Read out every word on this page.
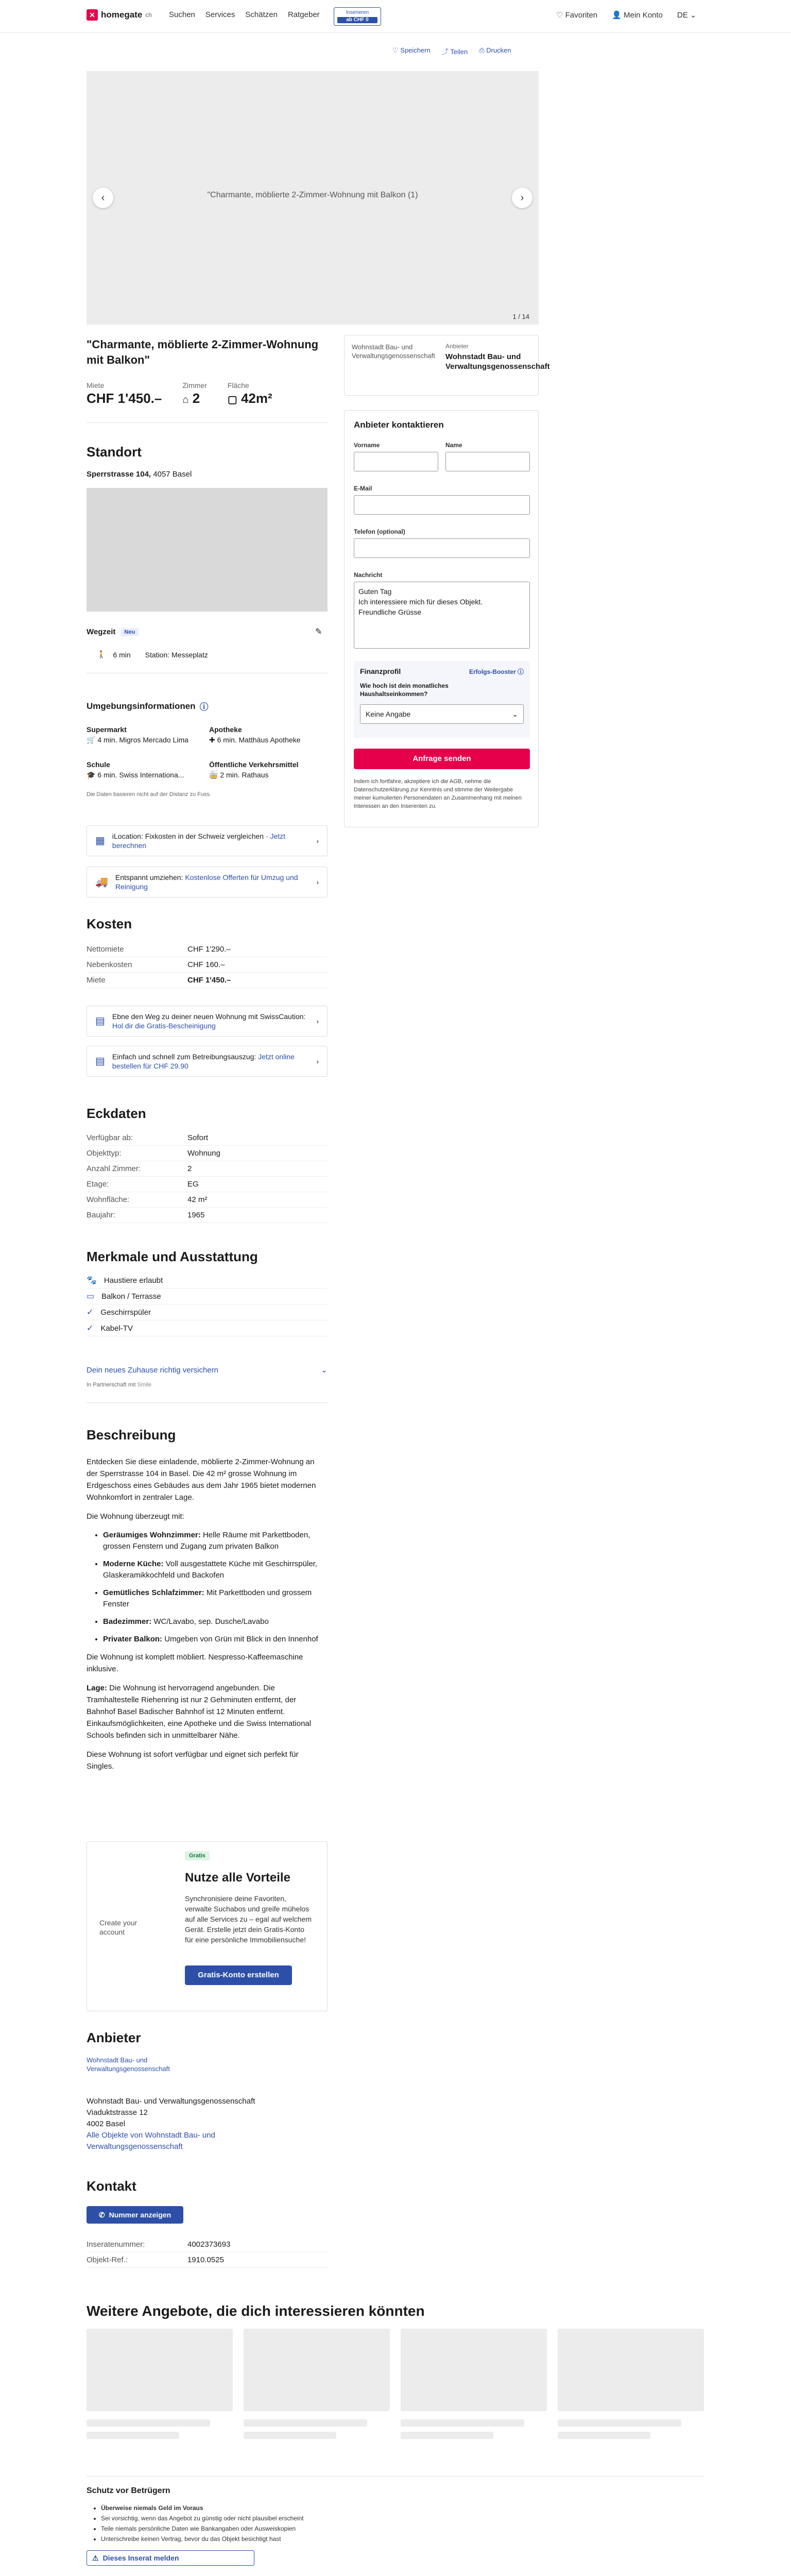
✕ homegate ch Suchen Services Schätzen Ratgeber	Inserieren
ab CHF 0
♡ Favoriten 👤 Mein Konto DE ⌄
♡ Speichern ⤴ Teilen ⎙ Drucken
‹	›
"Charmante, möblierte 2-Zimmer-Wohnung mit Balkon (1)
1 / 14
"Charmante, möblierte 2-Zimmer-Wohnung mit Balkon"
Miete
CHF 1'450.–
Zimmer
⌂ 2
Fläche
▢ 42m²
Wohnstadt Bau- und Verwaltungsgenossenschaft
Anbieter
Wohnstadt Bau- und Verwaltungsgenossenschaft
Anbieter kontaktieren
Vorname	Name
E-Mail
Telefon (optional)
Nachricht
Guten Tag
Ich interessiere mich für dieses Objekt.
Freundliche Grüsse
Finanzprofil	Erfolgs-Booster ⓘ
Wie hoch ist dein monatliches Haushaltseinkommen?
Keine Angabe	⌄
Anfrage senden
Indem ich fortfahre, akzeptiere ich die AGB, nehme die Datenschutzerklärung zur Kenntnis und stimme der Weitergabe meiner kumulierten Personendaten an Zusammenhang mit meinen Interessen an den Inserenten zu.
Standort
Sperrstrasse 104, 4057 Basel
Wegzeit	Neu	✎
🚶 6 min Station: Messeplatz
Umgebungsinformationen ⓘ
Supermarkt
🛒 4 min. Migros Mercado Lima
Apotheke
✚ 6 min. Matthäus Apotheke
Schule
🎓 6 min. Swiss Internationa...
Öffentliche Verkehrsmittel
🚋 2 min. Rathaus
Die Daten basieren nicht auf der Distanz zu Fuss.
▦ iLocation: Fixkosten in der Schweiz vergleichen · Jetzt berechnen
›
🚚 Entspannt umziehen: Kostenlose Offerten für Umzug und Reinigung
›
Kosten
Nettomiete	CHF 1'290.–
Nebenkosten	CHF 160.–
Miete	CHF 1'450.–
▤ Ebne den Weg zu deiner neuen Wohnung mit SwissCaution: Hol dir die Gratis-Bescheinigung
›
▤ Einfach und schnell zum Betreibungsauszug: Jetzt online bestellen für CHF 29.90
›
Eckdaten
Verfügbar ab:	Sofort
Objekttyp:	Wohnung
Anzahl Zimmer:	2
Etage:	EG
Wohnfläche:	42 m²
Baujahr:	1965
Merkmale und Ausstattung
🐾 Haustiere erlaubt
▭ Balkon / Terrasse
✓ Geschirrspüler
✓ Kabel-TV
Dein neues Zuhause richtig versichern	⌄
In Partnerschaft mit Smile
Beschreibung

Entdecken Sie diese einladende, möblierte 2-Zimmer-Wohnung an der Sperrstrasse 104 in Basel. Die 42 m² grosse Wohnung im Erdgeschoss eines Gebäudes aus dem Jahr 1965 bietet modernen Wohnkomfort in zentraler Lage.

Die Wohnung überzeugt mit:

• Geräumiges Wohnzimmer: Helle Räume mit Parkettboden, grossen Fenstern und Zugang zum privaten Balkon
• Moderne Küche: Voll ausgestattete Küche mit Geschirrspüler, Glaskeramikkochfeld und Backofen
• Gemütliches Schlafzimmer: Mit Parkettboden und grossem Fenster
• Badezimmer: WC/Lavabo, sep. Dusche/Lavabo
• Privater Balkon: Umgeben von Grün mit Blick in den Innenhof

Die Wohnung ist komplett möbliert. Nespresso-Kaffeemaschine inklusive.

Lage: Die Wohnung ist hervorragend angebunden. Die Tramhaltestelle Riehenring ist nur 2 Gehminuten entfernt, der Bahnhof Basel Badischer Bahnhof ist 12 Minuten entfernt. Einkaufsmöglichkeiten, eine Apotheke und die Swiss International Schools befinden sich in unmittelbarer Nähe.

Diese Wohnung ist sofort verfügbar und eignet sich perfekt für Singles.

Create your account
Gratis
Nutze alle Vorteile
Synchronisiere deine Favoriten, verwalte Suchabos und greife mühelos auf alle Services zu – egal auf welchem Gerät. Erstelle jetzt dein Gratis-Konto für eine persönliche Immobiliensuche!
Gratis-Konto erstellen
Anbieter
Wohnstadt Bau- und Verwaltungsgenossenschaft
Wohnstadt Bau- und Verwaltungsgenossenschaft
Viaduktstrasse 12
4002 Basel
Alle Objekte von Wohnstadt Bau- und Verwaltungsgenossenschaft
Kontakt
✆ Nummer anzeigen
Inseratenummer:	4002373693
Objekt-Ref.:	1910.0525
Weitere Angebote, die dich interessieren könnten
Schutz vor Betrügern
• Überweise niemals Geld im Voraus
• Sei vorsichtig, wenn das Angebot zu günstig oder nicht plausibel erscheint
• Teile niemals persönliche Daten wie Bankangaben oder Ausweiskopien
• Unterschreibe keinen Vertrag, bevor du das Objekt besichtigt hast
⚠ Dieses Inserat melden
